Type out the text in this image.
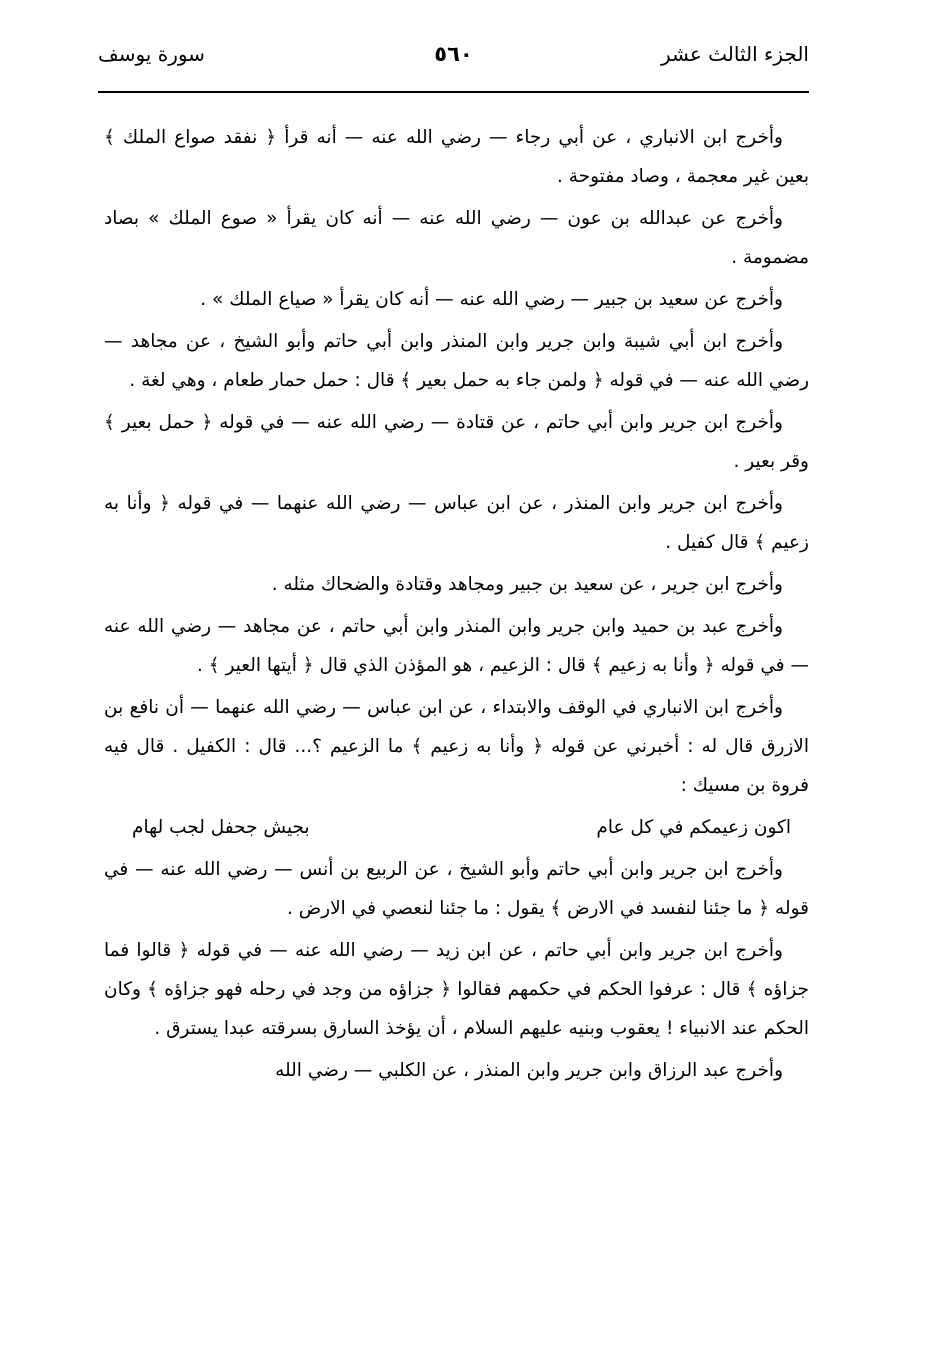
الجزء الثالث عشر
٥٦٠
سورة يوسف

وأخرج ابن الانباري ، عن أبي رجاء — رضي الله عنه — أنه قرأ ﴿ نفقد صواع الملك ﴾ بعين غير معجمة ، وصاد مفتوحة .

وأخرج عن عبدالله بن عون — رضي الله عنه — أنه كان يقرأ « صوع الملك » بصاد مضمومة .

وأخرج عن سعيد بن جبير — رضي الله عنه — أنه كان يقرأ « صياع الملك » .

وأخرج ابن أبي شيبة وابن جرير وابن المنذر وابن أبي حاتم وأبو الشيخ ، عن مجاهد — رضي الله عنه — في قوله ﴿ ولمن جاء به حمل بعير ﴾ قال : حمل حمار طعام ، وهي لغة .

وأخرج ابن جرير وابن أبي حاتم ، عن قتادة — رضي الله عنه — في قوله ﴿ حمل بعير ﴾ وقر بعير .

وأخرج ابن جرير وابن المنذر ، عن ابن عباس — رضي الله عنهما — في قوله ﴿ وأنا به زعيم ﴾ قال كفيل .

وأخرج ابن جرير ، عن سعيد بن جبير ومجاهد وقتادة والضحاك مثله .

وأخرج عبد بن حميد وابن جرير وابن المنذر وابن أبي حاتم ، عن مجاهد — رضي الله عنه — في قوله ﴿ وأنا به زعيم ﴾ قال : الزعيم ، هو المؤذن الذي قال ﴿ أيتها العير ﴾ .

وأخرج ابن الانباري في الوقف والابتداء ، عن ابن عباس — رضي الله عنهما — أن نافع بن الازرق قال له : أخبرني عن قوله ﴿ وأنا به زعيم ﴾ ما الزعيم ؟... قال : الكفيل . قال فيه فروة بن مسيك :

اكون زعيمكم في كل عام
بجيش جحفل لجب لهام

وأخرج ابن جرير وابن أبي حاتم وأبو الشيخ ، عن الربيع بن أنس — رضي الله عنه — في قوله ﴿ ما جئنا لنفسد في الارض ﴾ يقول : ما جئنا لنعصي في الارض .

وأخرج ابن جرير وابن أبي حاتم ، عن ابن زيد — رضي الله عنه — في قوله ﴿ قالوا فما جزاؤه ﴾ قال : عرفوا الحكم في حكمهم فقالوا ﴿ جزاؤه من وجد في رحله فهو جزاؤه ﴾ وكان الحكم عند الانبياء ! يعقوب وبنيه عليهم السلام ، أن يؤخذ السارق بسرقته عبدا يسترق .

وأخرج عبد الرزاق وابن جرير وابن المنذر ، عن الكلبي — رضي الله
